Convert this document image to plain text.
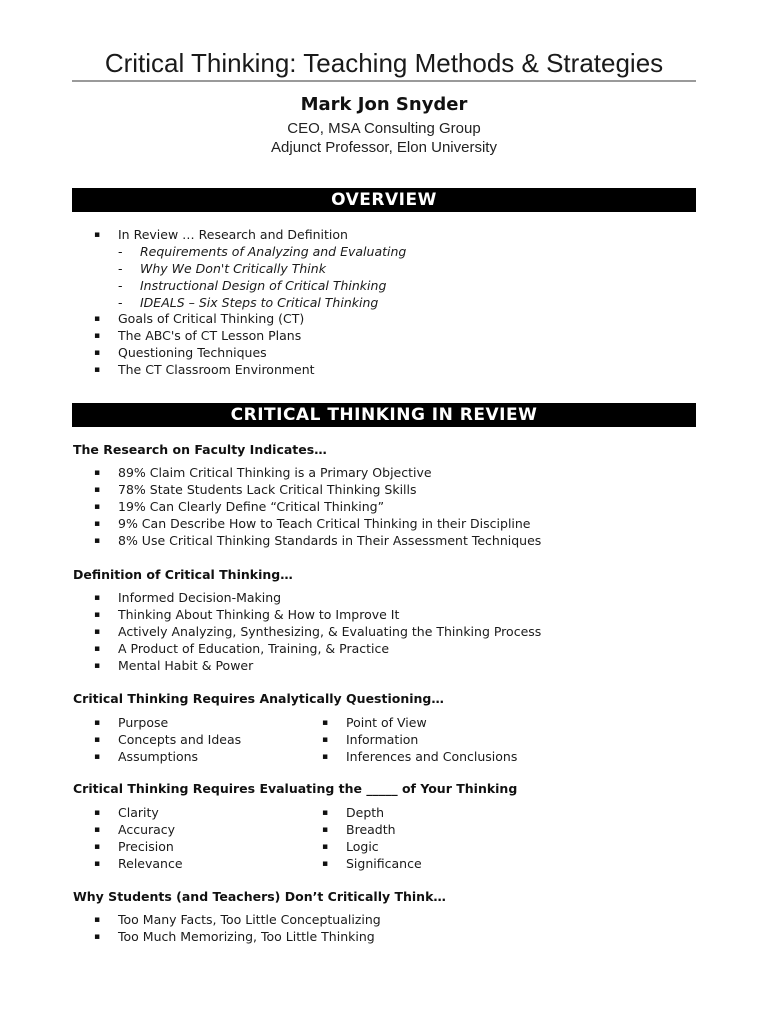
Critical Thinking: Teaching Methods & Strategies
Mark Jon Snyder
CEO, MSA Consulting Group
Adjunct Professor, Elon University
OVERVIEW
▪ In Review … Research and Definition
- Requirements of Analyzing and Evaluating
- Why We Don't Critically Think
- Instructional Design of Critical Thinking
- IDEALS – Six Steps to Critical Thinking
▪ Goals of Critical Thinking (CT)
▪ The ABC's of CT Lesson Plans
▪ Questioning Techniques
▪ The CT Classroom Environment
CRITICAL THINKING IN REVIEW
The Research on Faculty Indicates…
▪ 89% Claim Critical Thinking is a Primary Objective
▪ 78% State Students Lack Critical Thinking Skills
▪ 19% Can Clearly Define “Critical Thinking”
▪ 9% Can Describe How to Teach Critical Thinking in their Discipline
▪ 8% Use Critical Thinking Standards in Their Assessment Techniques
Definition of Critical Thinking…
▪ Informed Decision-Making
▪ Thinking About Thinking & How to Improve It
▪ Actively Analyzing, Synthesizing, & Evaluating the Thinking Process
▪ A Product of Education, Training, & Practice
▪ Mental Habit & Power
Critical Thinking Requires Analytically Questioning…
▪ Purpose
▪ Concepts and Ideas
▪ Assumptions
▪ Point of View
▪ Information
▪ Inferences and Conclusions
Critical Thinking Requires Evaluating the _____ of Your Thinking
▪ Clarity
▪ Accuracy
▪ Precision
▪ Relevance
▪ Depth
▪ Breadth
▪ Logic
▪ Significance
Why Students (and Teachers) Don’t Critically Think…
▪ Too Many Facts, Too Little Conceptualizing
▪ Too Much Memorizing, Too Little Thinking
